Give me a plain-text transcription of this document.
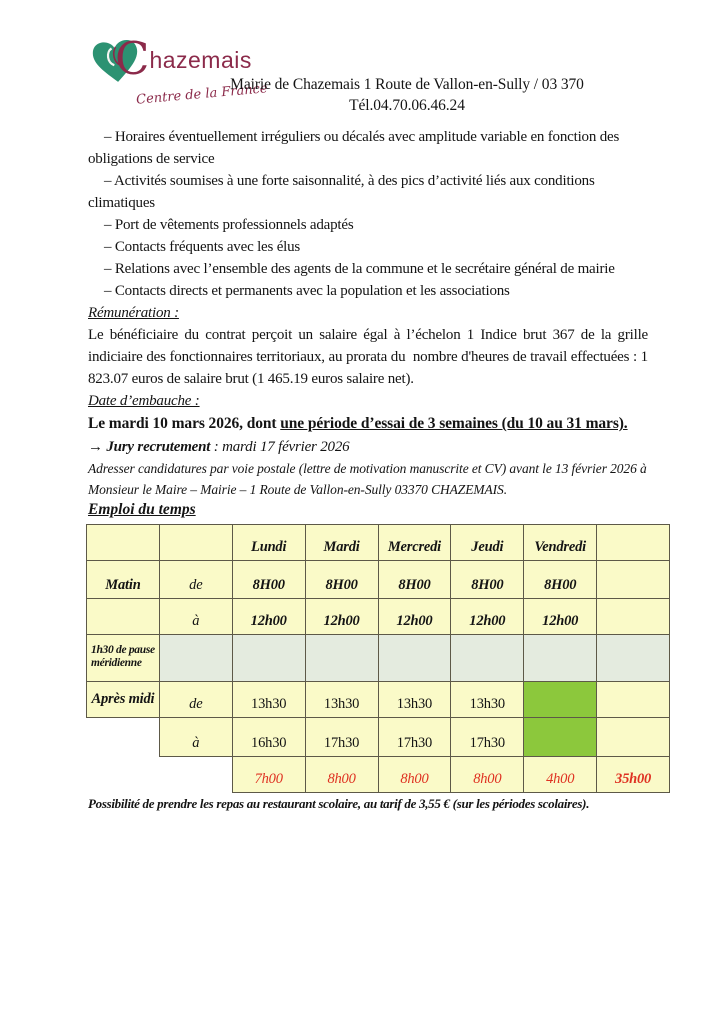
Chazemais
Centre de la France
Mairie de Chazemais 1 Route de Vallon-en-Sully / 03 370
Tél.04.70.06.46.24

– Horaires éventuellement irréguliers ou décalés avec amplitude variable en fonction des obligations de service

– Activités soumises à une forte saisonnalité, à des pics d’activité liés aux conditions climatiques

– Port de vêtements professionnels adaptés

– Contacts fréquents avec les élus

– Relations avec l’ensemble des agents de la commune et le secrétaire général de mairie

– Contacts directs et permanents avec la population et les associations

Rémunération :

Le bénéficiaire du contrat perçoit un salaire égal à l’échelon 1 Indice brut 367 de la grille indiciaire des fonctionnaires territoriaux, au prorata du  nombre d'heures de travail effectuées : 1 823.07 euros de salaire brut (1 465.19 euros salaire net).

Date d’embauche :

Le mardi 10 mars 2026, dont une période d’essai de 3 semaines (du 10 au 31 mars).

→ Jury recrutement : mardi 17 février 2026

Adresser candidatures par voie postale (lettre de motivation manuscrite et CV) avant le 13 février 2026 à Monsieur le Maire – Mairie – 1 Route de Vallon-en-Sully 03370 CHAZEMAIS.

Emploi du temps
		Lundi	Mardi	Mercredi	Jeudi	Vendredi	
Matin	de	8H00	8H00	8H00	8H00	8H00	
	à	12h00	12h00	12h00	12h00	12h00	
1h30 de pause méridienne							
Après midi	de	13h30	13h30	13h30	13h30		
	à	16h30	17h30	17h30	17h30		
		7h00	8h00	8h00	8h00	4h00	35h00

Possibilité de prendre les repas au restaurant scolaire, au tarif de 3,55 € (sur les périodes scolaires).
